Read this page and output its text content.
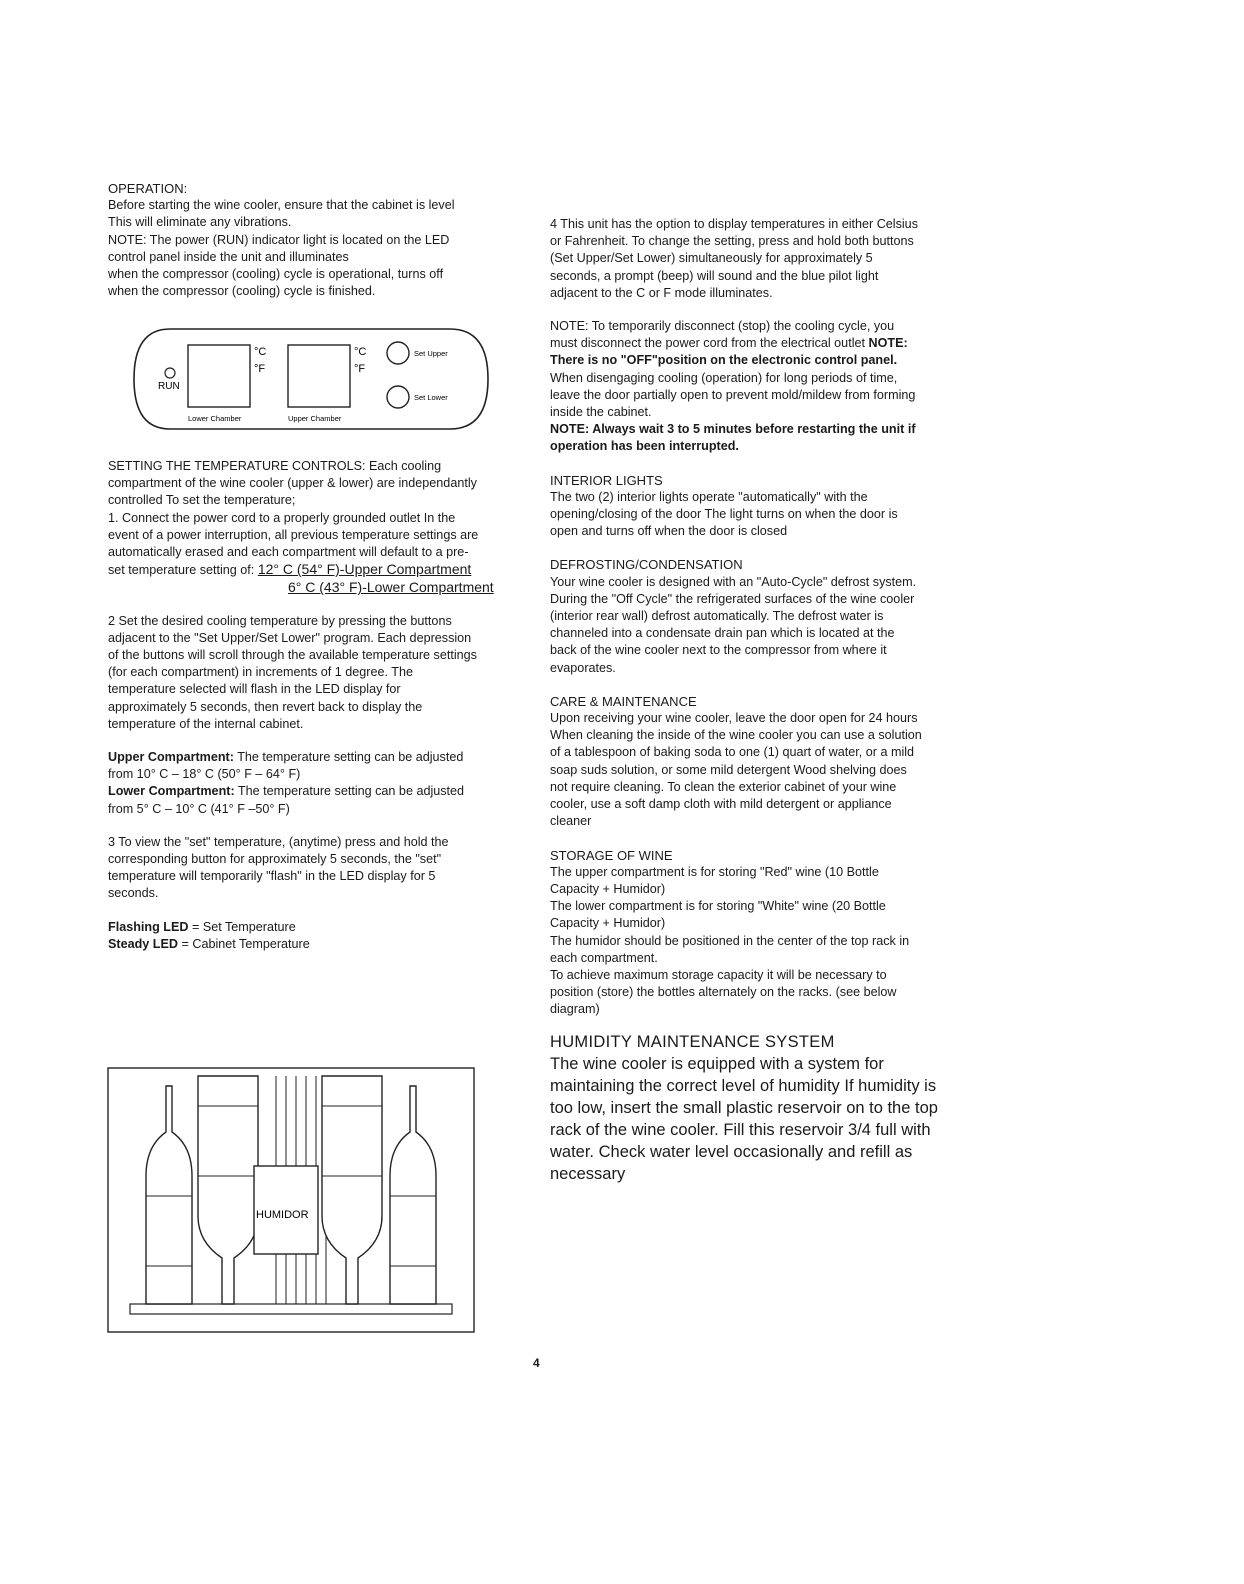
OPERATION:

Before starting the wine cooler, ensure that the cabinet is level

This will eliminate any vibrations.

NOTE: The power (RUN) indicator light is located on the LED

control panel inside the unit and illuminates

when the compressor (cooling) cycle is operational, turns off

when the compressor (cooling) cycle is finished.

RUN
°C
°F
Lower Chamber
°C
°F
Upper Chamber
Set Upper
Set Lower

SETTING THE TEMPERATURE CONTROLS: Each cooling

compartment of the wine cooler (upper & lower) are independantly

controlled To set the temperature;

1. Connect the power cord to a properly grounded outlet In the

event of a power interruption, all previous temperature settings are

automatically erased and each compartment will default to a pre-

set temperature setting of: 12° C (54° F)-Upper Compartment

6° C (43° F)-Lower Compartment

2 Set the desired cooling temperature by pressing the buttons

adjacent to the "Set Upper/Set Lower" program. Each depression

of the buttons will scroll through the available temperature settings

(for each compartment) in increments of 1 degree. The

temperature selected will flash in the LED display for

approximately 5 seconds, then revert back to display the

temperature of the internal cabinet.

Upper Compartment: The temperature setting can be adjusted

from 10° C – 18° C (50° F – 64° F)

Lower Compartment: The temperature setting can be adjusted

from 5° C – 10° C (41° F –50° F)

3 To view the "set" temperature, (anytime) press and hold the

corresponding button for approximately 5 seconds, the "set"

temperature will temporarily "flash" in the LED display for 5

seconds.

Flashing LED = Set Temperature

Steady LED = Cabinet Temperature

HUMIDOR

4 This unit has the option to display temperatures in either Celsius

or Fahrenheit. To change the setting, press and hold both buttons

(Set Upper/Set Lower) simultaneously for approximately 5

seconds, a prompt (beep) will sound and the blue pilot light

adjacent to the C or F mode illuminates.

NOTE: To temporarily disconnect (stop) the cooling cycle, you

must disconnect the power cord from the electrical outlet NOTE:

There is no "OFF"position on the electronic control panel.

When disengaging cooling (operation) for long periods of time,

leave the door partially open to prevent mold/mildew from forming

inside the cabinet.

NOTE: Always wait 3 to 5 minutes before restarting the unit if

operation has been interrupted.

INTERIOR LIGHTS

The two (2) interior lights operate "automatically" with the

opening/closing of the door The light turns on when the door is

open and turns off when the door is closed

DEFROSTING/CONDENSATION

Your wine cooler is designed with an "Auto-Cycle" defrost system.

During the "Off Cycle" the refrigerated surfaces of the wine cooler

(interior rear wall) defrost automatically. The defrost water is

channeled into a condensate drain pan which is located at the

back of the wine cooler next to the compressor from where it

evaporates.

CARE & MAINTENANCE

Upon receiving your wine cooler, leave the door open for 24 hours

When cleaning the inside of the wine cooler you can use a solution

of a tablespoon of baking soda to one (1) quart of water, or a mild

soap suds solution, or some mild detergent Wood shelving does

not require cleaning. To clean the exterior cabinet of your wine

cooler, use a soft damp cloth with mild detergent or appliance

cleaner

STORAGE OF WINE

The upper compartment is for storing "Red" wine (10 Bottle

Capacity + Humidor)

The lower compartment is for storing "White" wine (20 Bottle

Capacity + Humidor)

The humidor should be positioned in the center of the top rack in

each compartment.

To achieve maximum storage capacity it will be necessary to

position (store) the bottles alternately on the racks. (see below

diagram)

HUMIDITY MAINTENANCE SYSTEM

The wine cooler is equipped with a system for

maintaining the correct level of humidity If humidity is

too low, insert the small plastic reservoir on to the top

rack of the wine cooler. Fill this reservoir 3/4 full with

water. Check water level occasionally and refill as

necessary

4
